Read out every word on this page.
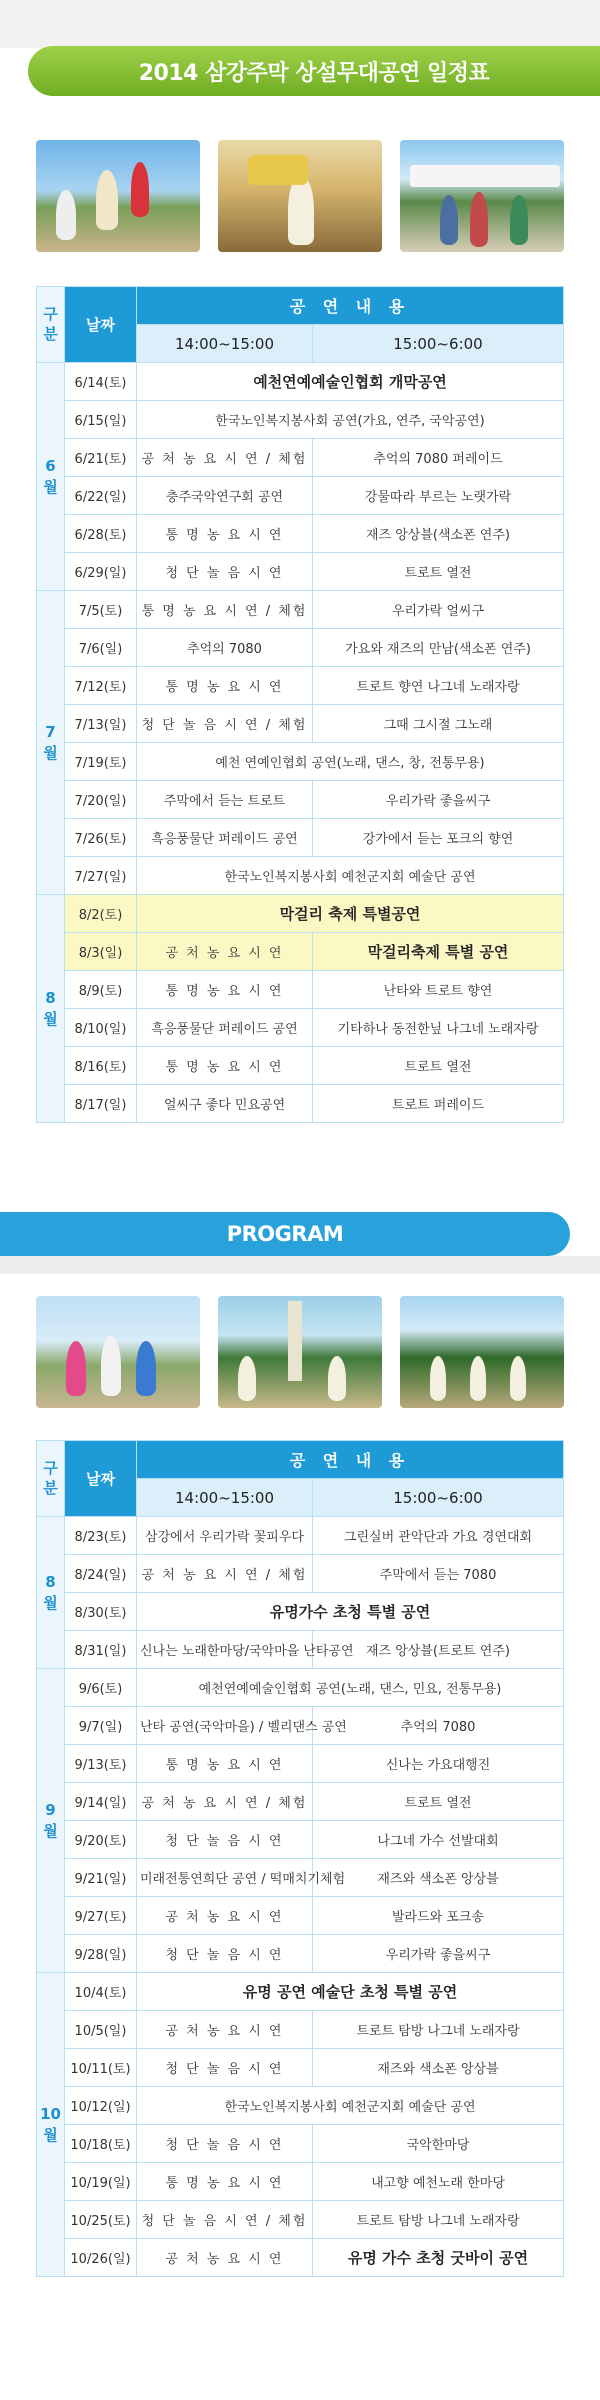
2014 삼강주막 상설무대공연 일정표
구
분	날짜	공 연 내 용	
		14:00~15:00	15:00~6:00
6
월	6/14(토)	예천연예예술인협회 개막공연	
	6/15(일)	한국노인복지봉사회 공연(가요, 연주, 국악공연)	
	6/21(토)	공 처 농 요 시 연 / 체험	추억의 7080 퍼레이드
	6/22(일)	충주국악연구회 공연	강물따라 부르는 노랫가락
	6/28(토)	통 명 농 요 시 연	재즈 앙상블(색소폰 연주)
	6/29(일)	청 단 놀 음 시 연	트로트 열전
7
월	7/5(토)	통 명 농 요 시 연 / 체험	우리가락 얼씨구
	7/6(일)	추억의 7080	가요와 재즈의 만남(색소폰 연주)
	7/12(토)	통 명 농 요 시 연	트로트 향연 나그네 노래자랑
	7/13(일)	청 단 놀 음 시 연 / 체험	그때 그시절 그노래
	7/19(토)	예천 연예인협회 공연(노래, 댄스, 창, 전통무용)	
	7/20(일)	주막에서 듣는 트로트	우리가락 좋을씨구
	7/26(토)	흑응풍물단 퍼레이드 공연	강가에서 듣는 포크의 향연
	7/27(일)	한국노인복지봉사회 예천군지회 예술단 공연	
8
월	8/2(토)	막걸리 축제 특별공연	
	8/3(일)	공 처 농 요 시 연	막걸리축제 특별 공연
	8/9(토)	통 명 농 요 시 연	난타와 트로트 향연
	8/10(일)	흑응풍물단 퍼레이드 공연	기타하나 동전한닢 나그네 노래자랑
	8/16(토)	통 명 농 요 시 연	트로트 열전
	8/17(일)	얼씨구 좋다 민요공연	트로트 퍼레이드
PROGRAM
구
분	날짜	공 연 내 용	
		14:00~15:00	15:00~6:00
8
월	8/23(토)	삼강에서 우리가락 꽃피우다	그린실버 관악단과 가요 경연대회
	8/24(일)	공 처 농 요 시 연 / 체험	주막에서 듣는 7080
	8/30(토)	유명가수 초청 특별 공연	
	8/31(일)	신나는 노래한마당/국악마을 난타공연	재즈 앙상블(트로트 연주)
9
월	9/6(토)	예천연예예술인협회 공연(노래, 댄스, 민요, 전통무용)	
	9/7(일)	난타 공연(국악마을) / 벨리댄스 공연	추억의 7080
	9/13(토)	통 명 농 요 시 연	신나는 가요대행진
	9/14(일)	공 처 농 요 시 연 / 체험	트로트 열전
	9/20(토)	청 단 놀 음 시 연	나그네 가수 선발대회
	9/21(일)	미래전통연희단 공연 / 떡매치기체험	재즈와 색소폰 앙상블
	9/27(토)	공 처 농 요 시 연	발라드와 포크송
	9/28(일)	청 단 놀 음 시 연	우리가락 좋을씨구
10
월	10/4(토)	유명 공연 예술단 초청 특별 공연	
	10/5(일)	공 처 농 요 시 연	트로트 탐방 나그네 노래자랑
	10/11(토)	청 단 놀 음 시 연	재즈와 색소폰 앙상블
	10/12(일)	한국노인복지봉사회 예천군지회 예술단 공연	
	10/18(토)	청 단 놀 음 시 연	국악한마당
	10/19(일)	통 명 농 요 시 연	내고향 예천노래 한마당
	10/25(토)	청 단 놀 음 시 연 / 체험	트로트 탐방 나그네 노래자랑
	10/26(일)	공 처 농 요 시 연	유명 가수 초청 굿바이 공연
